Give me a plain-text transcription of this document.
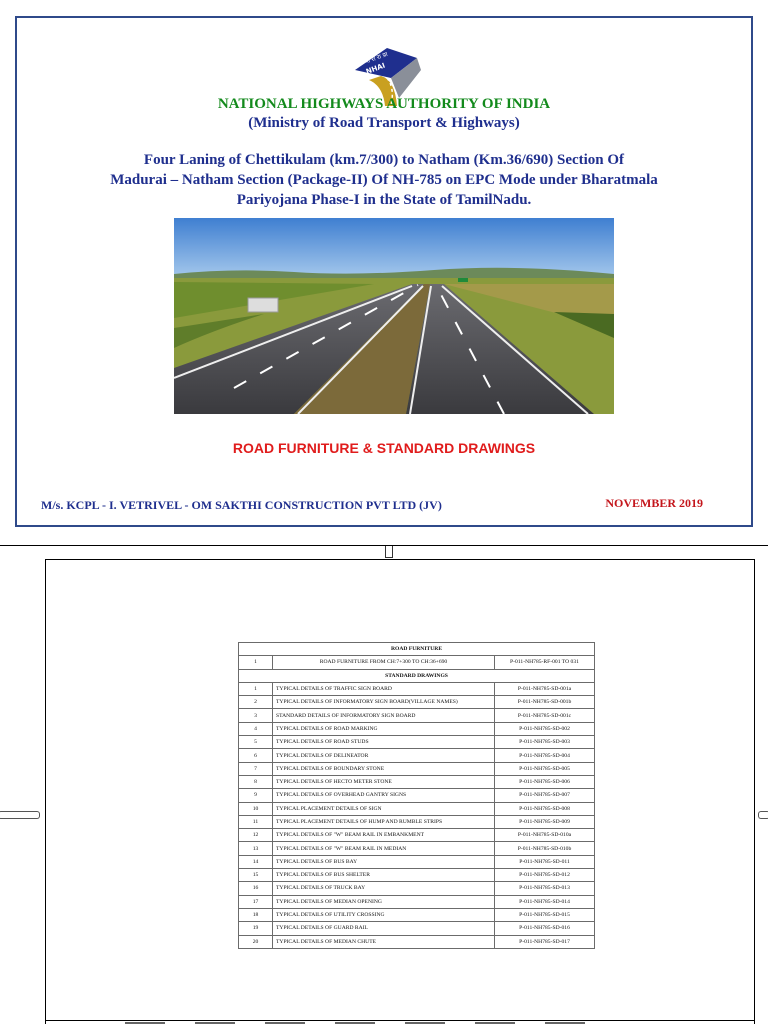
भा रा रा प्रा
NHAI
NATIONAL HIGHWAYS AUTHORITY OF INDIA
(Ministry of Road Transport & Highways)
Four Laning of Chettikulam (km.7/300) to Natham (Km.36/690) Section Of
Madurai – Natham Section (Package-II) Of NH-785 on EPC Mode under Bharatmala
Pariyojana Phase-I in the State of TamilNadu.
ROAD FURNITURE & STANDARD DRAWINGS
M/s. KCPL - I. VETRIVEL - OM SAKTHI CONSTRUCTION PVT LTD (JV)	NOVEMBER 2019
ROAD FURNITURE		
1	ROAD FURNITURE FROM CH:7+300 TO CH:36+690	P-011-NH785-RF-001 TO 031
STANDARD DRAWINGS		
1	TYPICAL DETAILS OF TRAFFIC SIGN BOARD	P-011-NH785-SD-001a
2	TYPICAL DETAILS OF INFORMATORY SIGN BOARD(VILLAGE NAMES)	P-011-NH785-SD-001b
3	STANDARD DETAILS OF INFORMATORY SIGN BOARD	P-011-NH785-SD-001c
4	TYPICAL DETAILS OF ROAD MARKING	P-011-NH785-SD-002
5	TYPICAL DETAILS OF ROAD STUDS	P-011-NH785-SD-003
6	TYPICAL DETAILS OF DELINEATOR	P-011-NH785-SD-004
7	TYPICAL DETAILS OF BOUNDARY STONE	P-011-NH785-SD-005
8	TYPICAL DETAILS OF HECTO METER STONE	P-011-NH785-SD-006
9	TYPICAL DETAILS OF OVERHEAD GANTRY SIGNS	P-011-NH785-SD-007
10	TYPICAL PLACEMENT DETAILS OF SIGN	P-011-NH785-SD-008
11	TYPICAL PLACEMENT DETAILS OF HUMP AND RUMBLE STRIPS	P-011-NH785-SD-009
12	TYPICAL DETAILS OF "W" BEAM RAIL IN EMBANKMENT	P-011-NH785-SD-010a
13	TYPICAL DETAILS OF "W" BEAM RAIL IN MEDIAN	P-011-NH785-SD-010b
14	TYPICAL DETAILS OF BUS BAY	P-011-NH785-SD-011
15	TYPICAL DETAILS OF BUS SHELTER	P-011-NH785-SD-012
16	TYPICAL DETAILS OF TRUCK BAY	P-011-NH785-SD-013
17	TYPICAL DETAILS OF MEDIAN OPENING	P-011-NH785-SD-014
18	TYPICAL DETAILS OF UTILITY CROSSING	P-011-NH785-SD-015
19	TYPICAL DETAILS OF GUARD RAIL	P-011-NH785-SD-016
20	TYPICAL DETAILS OF MEDIAN CHUTE	P-011-NH785-SD-017
